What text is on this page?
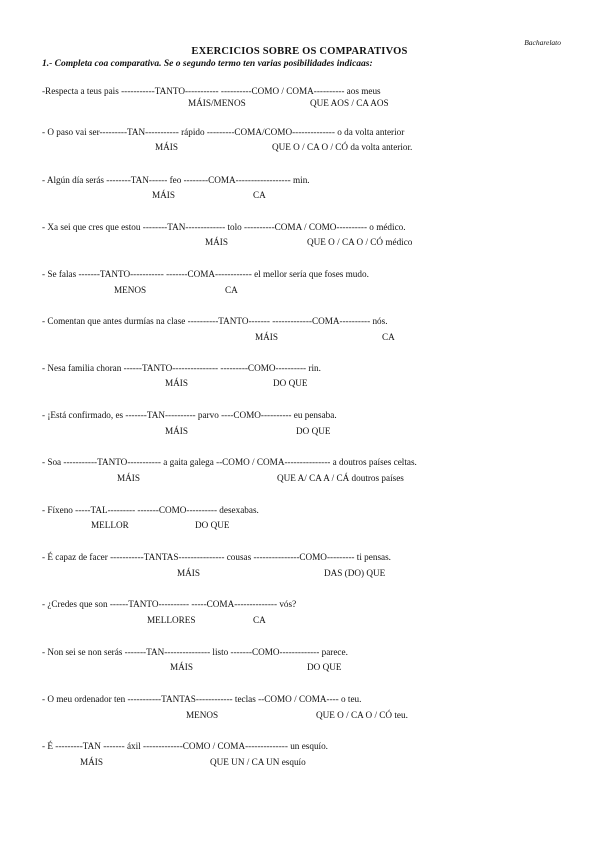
Bacharelato
EXERCICIOS SOBRE OS COMPARATIVOS
1.- Completa coa comparativa. Se o segundo termo ten varias posibilidades indicaas:
-Respecta a teus pais -----------TANTO----------- ----------COMO / COMA---------- aos meus
MÁIS/MENOS	QUE AOS / CA AOS
- O paso vai ser---------TAN----------- rápido ---------COMA/COMO-------------- o da volta anterior
MÁIS	QUE O / CA O / CÓ da volta anterior.
- Algún día serás --------TAN------ feo --------COMA------------------ min.
MÁIS	CA
- Xa sei que cres que estou --------TAN------------- tolo ----------COMA / COMO---------- o médico.
MÁIS	QUE O / CA O / CÓ médico
- Se falas -------TANTO----------- -------COMA------------ el mellor sería que foses mudo.
MENOS	CA
- Comentan que antes durmías na clase ----------TANTO------- -------------COMA---------- nós.
MÁIS	CA
- Nesa familia choran ------TANTO--------------- ---------COMO---------- rin.
MÁIS	DO QUE
- ¡Está confirmado, es -------TAN---------- parvo ----COMO---------- eu pensaba.
MÁIS	DO QUE
- Soa -----------TANTO----------- a gaita galega --COMO / COMA--------------- a doutros países celtas.
MÁIS	QUE A/ CA A / CÁ doutros países
- Fíxeno -----TAL--------- -------COMO---------- desexabas.
MELLOR	DO QUE
- É capaz de facer -----------TANTAS--------------- cousas ---------------COMO--------- ti pensas.
MÁIS	DAS (DO) QUE
- ¿Credes que son ------TANTO---------- -----COMA-------------- vós?
MELLORES	CA
- Non sei se non serás -------TAN--------------- listo -------COMO------------- parece.
MÁIS	DO QUE
- O meu ordenador ten -----------TANTAS------------ teclas --COMO / COMA---- o teu.
MENOS	QUE O / CA O / CÓ teu.
- É ---------TAN ------- áxil -------------COMO / COMA-------------- un esquío.
MÁIS	QUE UN / CA UN esquío
